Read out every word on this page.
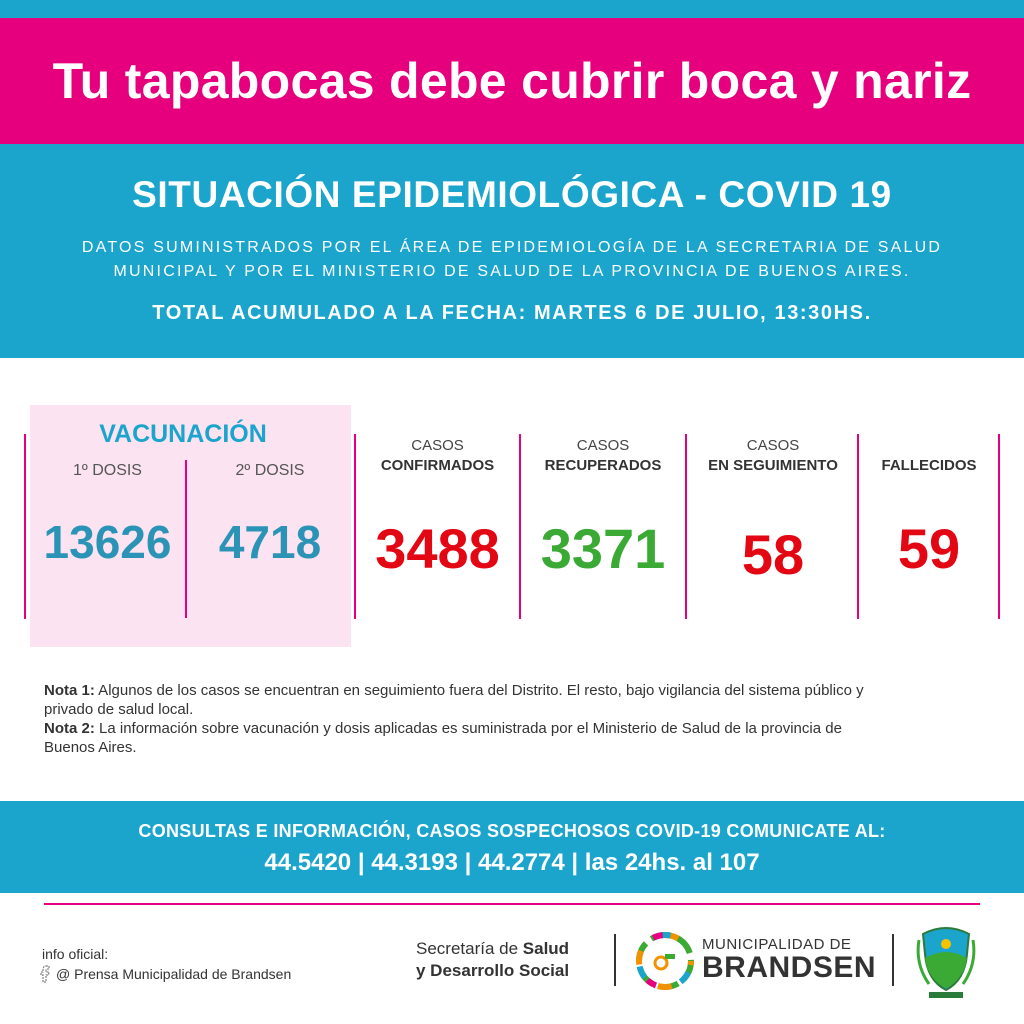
Tu tapabocas debe cubrir boca y nariz
SITUACIÓN EPIDEMIOLÓGICA - COVID 19
DATOS SUMINISTRADOS POR EL ÁREA DE EPIDEMIOLOGÍA DE LA SECRETARIA DE SALUD
MUNICIPAL Y POR EL MINISTERIO DE SALUD DE LA PROVINCIA DE BUENOS AIRES.
TOTAL ACUMULADO A LA FECHA: MARTES 6 DE JULIO, 13:30HS.
VACUNACIÓN
1º DOSIS	2º DOSIS
13626	4718
CASOS
CONFIRMADOS
3488
CASOS
RECUPERADOS
3371
CASOS
EN SEGUIMIENTO
58
FALLECIDOS
59
Nota 1: Algunos de los casos se encuentran en seguimiento fuera del Distrito. El resto, bajo vigilancia del sistema público y privado de salud local.
Nota 2: La información sobre vacunación y dosis aplicadas es suministrada por el Ministerio de Salud de la provincia de Buenos Aires.
CONSULTAS E INFORMACIÓN, CASOS SOSPECHOSOS COVID-19 COMUNICATE AL:
44.5420 | 44.3193 | 44.2774 | las 24hs. al 107
info oficial:
@ Prensa Municipalidad de Brandsen
Secretaría de Salud
y Desarrollo Social
MUNICIPALIDAD DE
BRANDSEN
